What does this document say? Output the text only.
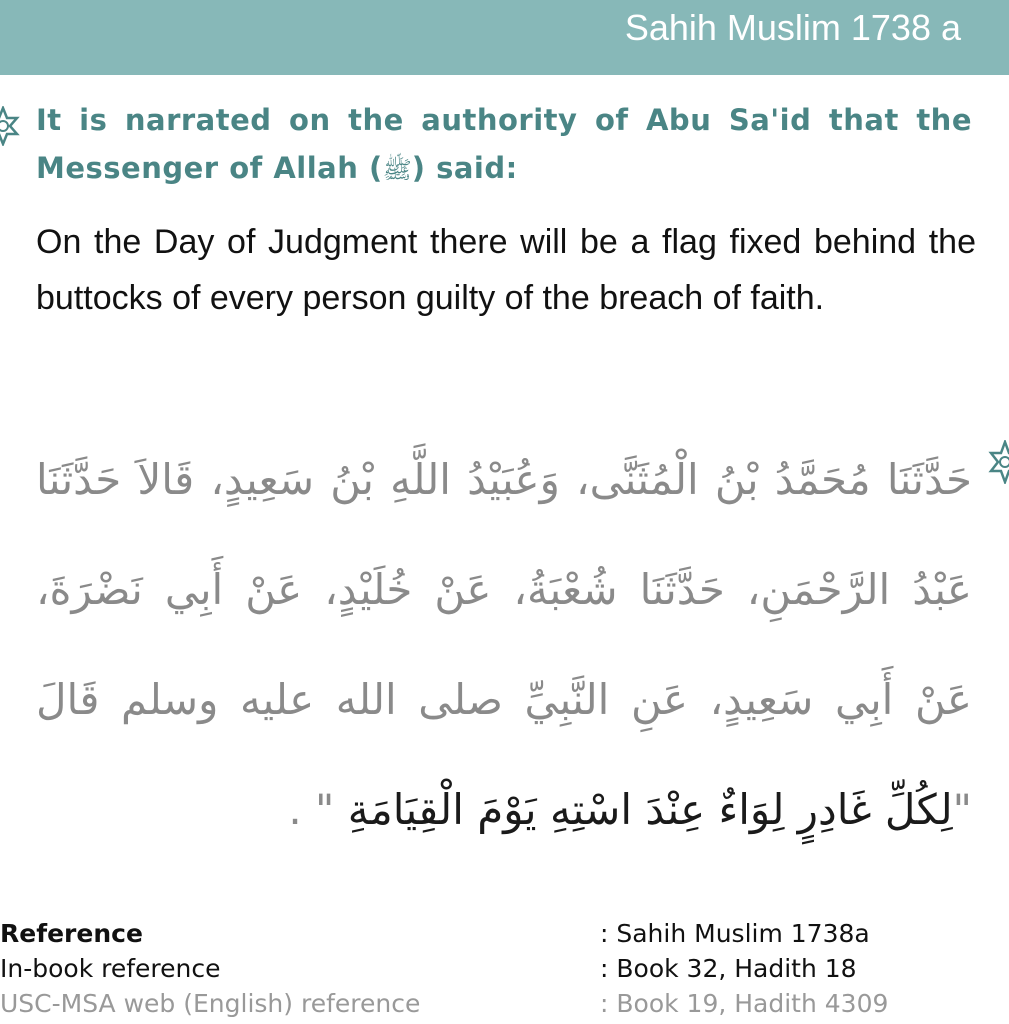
Sahih Muslim 1738 a
It is narrated on the authority of Abu Sa'id that the Messenger of Allah (ﷺ) said:
On the Day of Judgment there will be a flag fixed behind the buttocks of every person guilty of the breach of faith.
حَدَّثَنَا مُحَمَّدُ بْنُ الْمُثَنَّى، وَعُبَيْدُ اللَّهِ بْنُ سَعِيدٍ، قَالاَ حَدَّثَنَا عَبْدُ الرَّحْمَنِ، حَدَّثَنَا شُعْبَةُ، عَنْ خُلَيْدٍ، عَنْ أَبِي نَضْرَةَ، عَنْ أَبِي سَعِيدٍ، عَنِ النَّبِيِّ صلى الله عليه وسلم قَالَ "لِكُلِّ غَادِرٍ لِوَاءٌ عِنْدَ اسْتِهِ يَوْمَ الْقِيَامَةِ " .
Reference	: Sahih Muslim 1738a
In-book reference	: Book 32, Hadith 18
USC-MSA web (English) reference	: Book 19, Hadith 4309
